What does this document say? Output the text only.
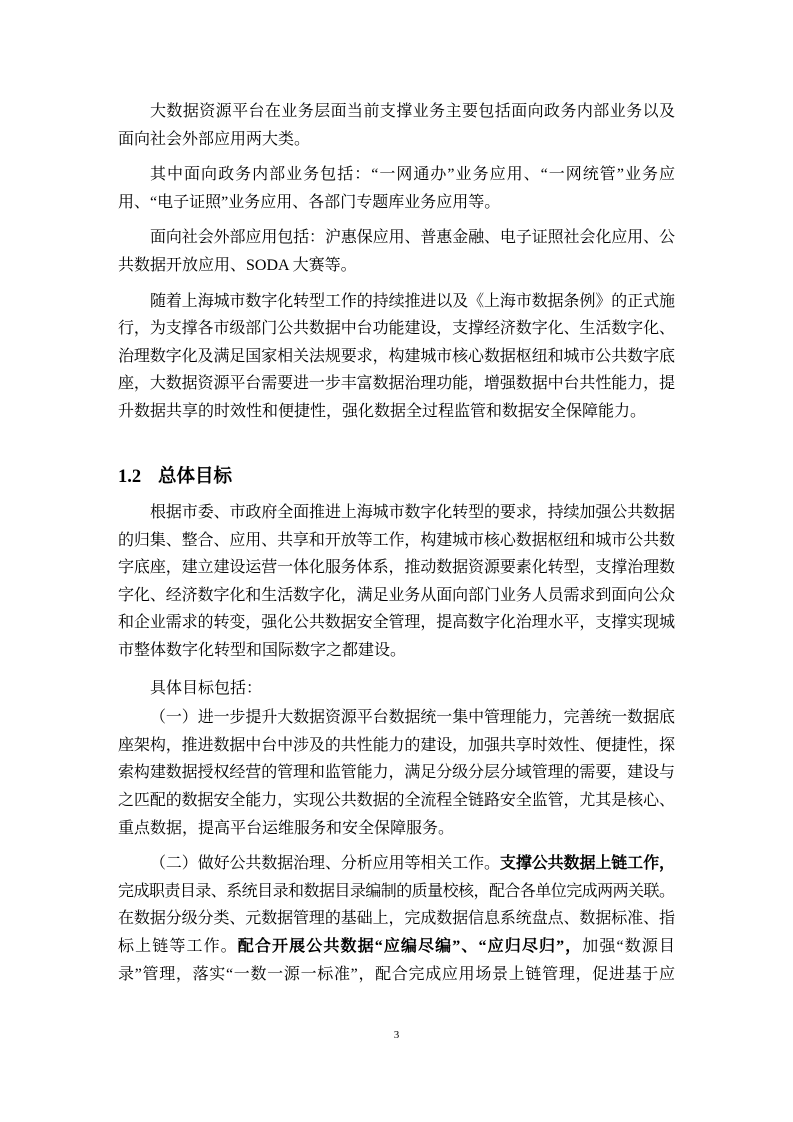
大数据资源平台在业务层面当前支撑业务主要包括面向政务内部业务以及
面向社会外部应用两大类。
其中面向政务内部业务包括：“一网通办”业务应用、“一网统管”业务应
用、“电子证照”业务应用、各部门专题库业务应用等。
面向社会外部应用包括：沪惠保应用、普惠金融、电子证照社会化应用、公
共数据开放应用、SODA 大赛等。
随着上海城市数字化转型工作的持续推进以及《上海市数据条例》的正式施
行，为支撑各市级部门公共数据中台功能建设，支撑经济数字化、生活数字化、
治理数字化及满足国家相关法规要求，构建城市核心数据枢纽和城市公共数字底
座，大数据资源平台需要进一步丰富数据治理功能，增强数据中台共性能力，提
升数据共享的时效性和便捷性，强化数据全过程监管和数据安全保障能力。
1.2 总体目标
根据市委、市政府全面推进上海城市数字化转型的要求，持续加强公共数据
的归集、整合、应用、共享和开放等工作，构建城市核心数据枢纽和城市公共数
字底座，建立建设运营一体化服务体系，推动数据资源要素化转型，支撑治理数
字化、经济数字化和生活数字化，满足业务从面向部门业务人员需求到面向公众
和企业需求的转变，强化公共数据安全管理，提高数字化治理水平，支撑实现城
市整体数字化转型和国际数字之都建设。
具体目标包括：
（一）进一步提升大数据资源平台数据统一集中管理能力，完善统一数据底
座架构，推进数据中台中涉及的共性能力的建设，加强共享时效性、便捷性，探
索构建数据授权经营的管理和监管能力，满足分级分层分域管理的需要，建设与
之匹配的数据安全能力，实现公共数据的全流程全链路安全监管，尤其是核心、
重点数据，提高平台运维服务和安全保障服务。
（二）做好公共数据治理、分析应用等相关工作。支撑公共数据上链工作，
完成职责目录、系统目录和数据目录编制的质量校核，配合各单位完成两两关联。
在数据分级分类、元数据管理的基础上，完成数据信息系统盘点、数据标准、指
标上链等工作。配合开展公共数据“应编尽编”、“应归尽归”，加强“数源目
录”管理，落实“一数一源一标准”，配合完成应用场景上链管理，促进基于应
3
